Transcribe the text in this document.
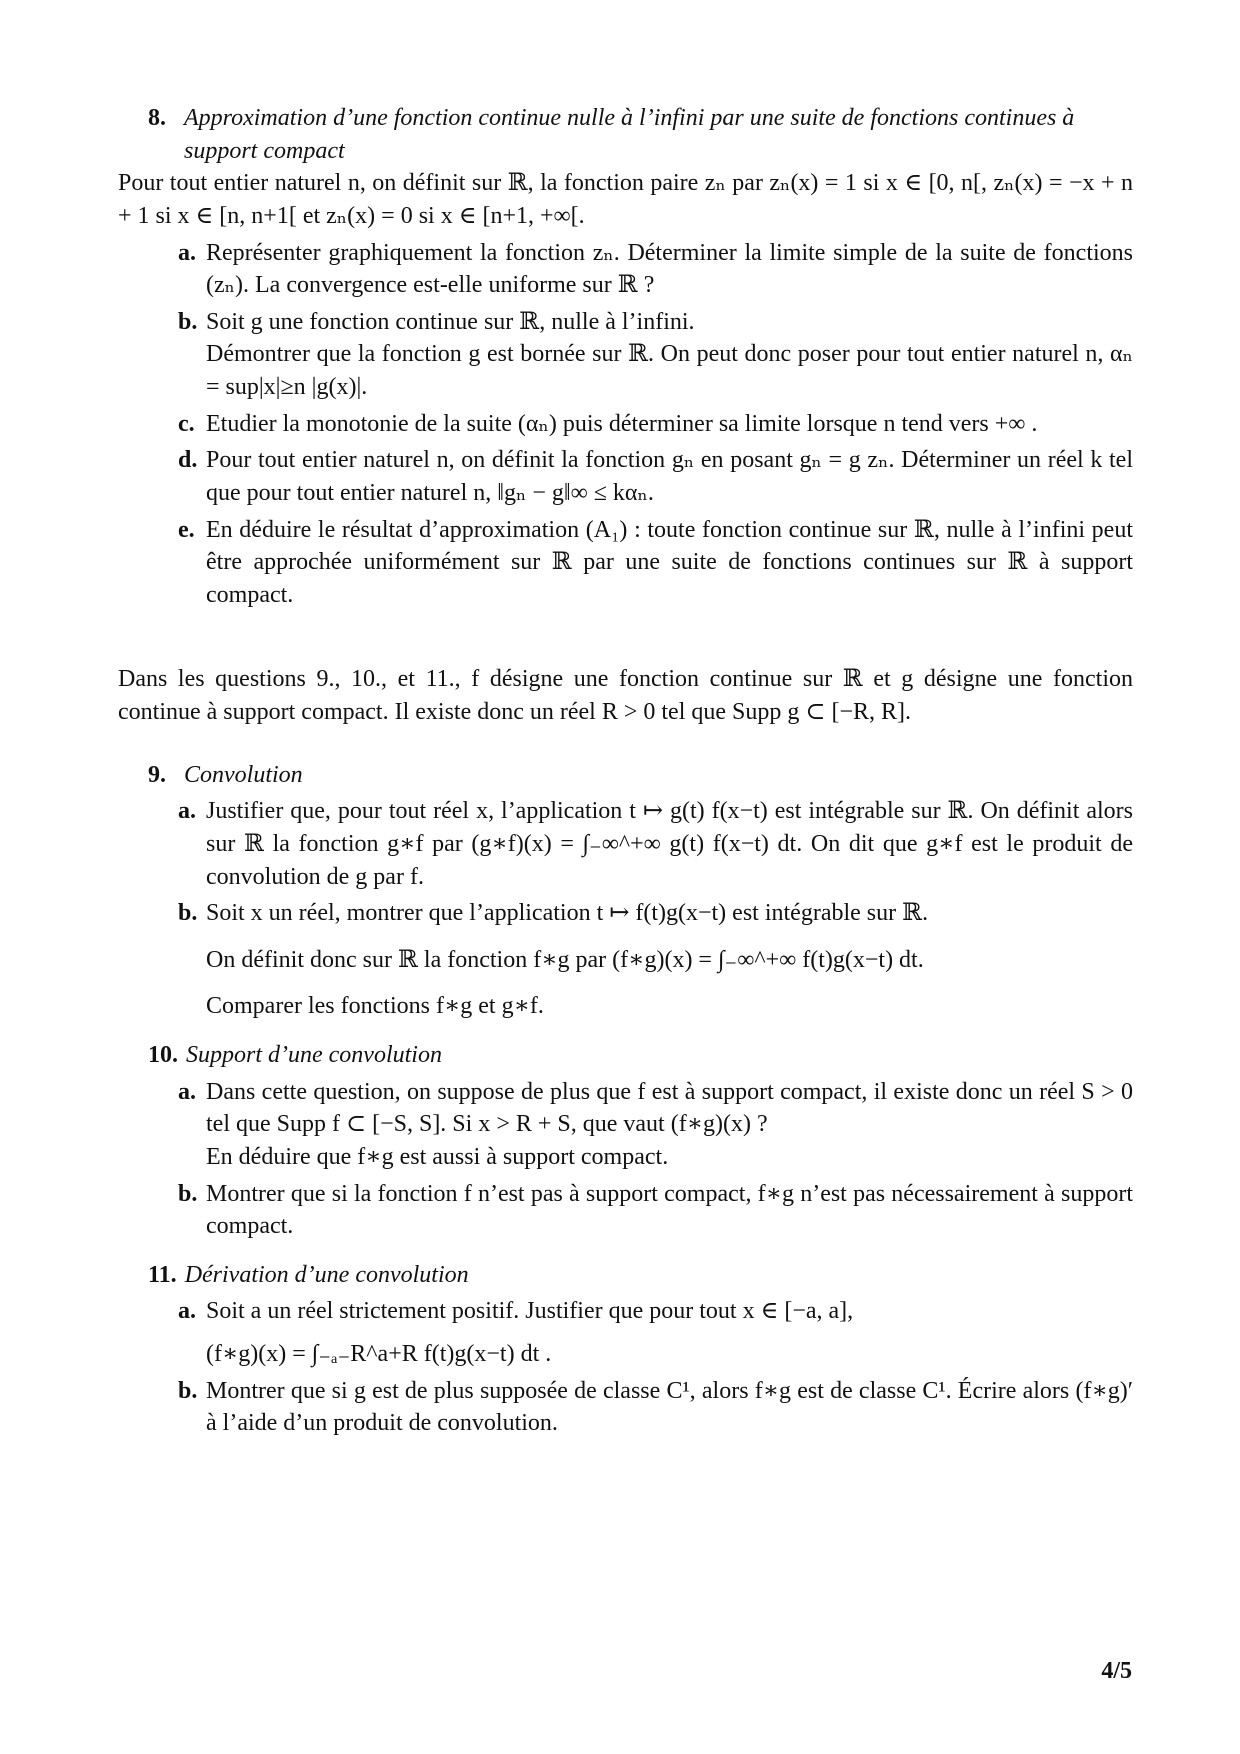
8. Approximation d’une fonction continue nulle à l’infini par une suite de fonctions continues à support compact

Pour tout entier naturel n, on définit sur ℝ, la fonction paire zₙ par zₙ(x) = 1 si x ∈ [0, n[, zₙ(x) = −x + n + 1 si x ∈ [n, n+1[ et zₙ(x) = 0 si x ∈ [n+1, +∞[.

a. Représenter graphiquement la fonction zₙ. Déterminer la limite simple de la suite de fonctions (zₙ). La convergence est-elle uniforme sur ℝ ?
b. Soit g une fonction continue sur ℝ, nulle à l’infini.
Démontrer que la fonction g est bornée sur ℝ. On peut donc poser pour tout entier naturel n, αₙ = sup|x|≥n |g(x)|.
c. Etudier la monotonie de la suite (αₙ) puis déterminer sa limite lorsque n tend vers +∞ .
d. Pour tout entier naturel n, on définit la fonction gₙ en posant gₙ = g zₙ. Déterminer un réel k tel que pour tout entier naturel n, ‖gₙ − g‖∞ ≤ kαₙ.
e. En déduire le résultat d’approximation (A₁) : toute fonction continue sur ℝ, nulle à l’infini peut être approchée uniformément sur ℝ par une suite de fonctions continues sur ℝ à support compact.

Dans les questions 9., 10., et 11., f désigne une fonction continue sur ℝ et g désigne une fonction continue à support compact. Il existe donc un réel R > 0 tel que Supp g ⊂ [−R, R].

9. Convolution
a. Justifier que, pour tout réel x, l’application t ↦ g(t) f(x−t) est intégrable sur ℝ. On définit alors sur ℝ la fonction g∗f par (g∗f)(x) = ∫₋∞^+∞ g(t) f(x−t) dt. On dit que g∗f est le produit de convolution de g par f.
b. Soit x un réel, montrer que l’application t ↦ f(t)g(x−t) est intégrable sur ℝ.
On définit donc sur ℝ la fonction f∗g par (f∗g)(x) = ∫₋∞^+∞ f(t)g(x−t) dt.
Comparer les fonctions f∗g et g∗f.
10. Support d’une convolution
a. Dans cette question, on suppose de plus que f est à support compact, il existe donc un réel S > 0 tel que Supp f ⊂ [−S, S]. Si x > R + S, que vaut (f∗g)(x) ?
En déduire que f∗g est aussi à support compact.
b. Montrer que si la fonction f n’est pas à support compact, f∗g n’est pas nécessairement à support compact.
11. Dérivation d’une convolution
a. Soit a un réel strictement positif. Justifier que pour tout x ∈ [−a, a],
(f∗g)(x) = ∫₋ₐ₋R^a+R f(t)g(x−t) dt .
b. Montrer que si g est de plus supposée de classe C¹, alors f∗g est de classe C¹. Écrire alors (f∗g)′ à l’aide d’un produit de convolution.
4/5
